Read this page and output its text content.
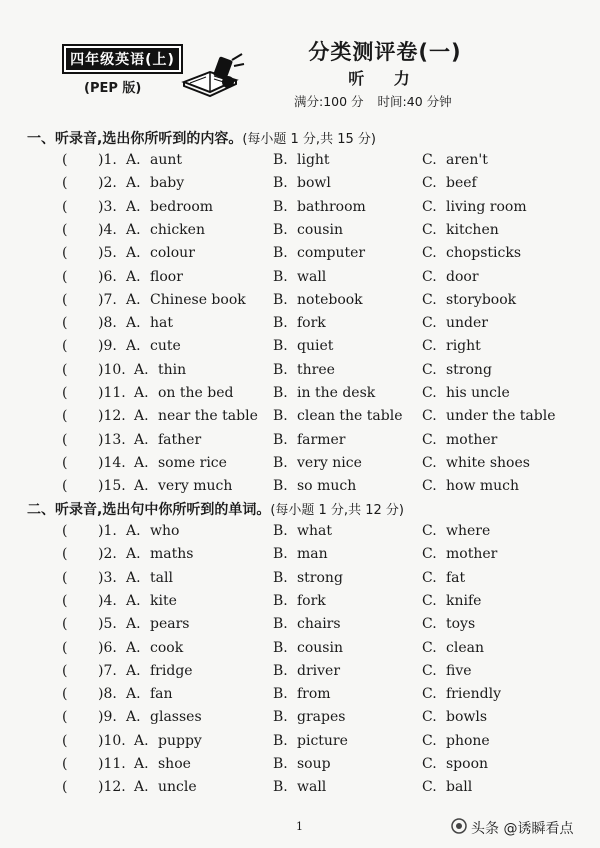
四年级英语(上)
(PEP 版)
分类测评卷(一)
听 力
满分:100 分 时间:40 分钟
一、听录音,选出你所听到的内容。(每小题 1 分,共 15 分)
( )1. A. aunt	B. light	C. aren't
( )2. A. baby	B. bowl	C. beef
( )3. A. bedroom	B. bathroom	C. living room
( )4. A. chicken	B. cousin	C. kitchen
( )5. A. colour	B. computer	C. chopsticks
( )6. A. floor	B. wall	C. door
( )7. A. Chinese book B. notebook	C. storybook
( )8. A. hat	B. fork	C. under
( )9. A. cute	B. quiet	C. right
( )10. A. thin	B. three	C. strong
( )11. A. on the bed	B. in the desk	C. his uncle
( )12. A. near the table B. clean the table C. under the table
( )13. A. father	B. farmer	C. mother
( )14. A. some rice	B. very nice	C. white shoes
( )15. A. very much	B. so much	C. how much
二、听录音,选出句中你所听到的单词。(每小题 1 分,共 12 分)
( )1. A. who	B. what	C. where
( )2. A. maths	B. man	C. mother
( )3. A. tall	B. strong	C. fat
( )4. A. kite	B. fork	C. knife
( )5. A. pears	B. chairs	C. toys
( )6. A. cook	B. cousin	C. clean
( )7. A. fridge	B. driver	C. five
( )8. A. fan	B. from	C. friendly
( )9. A. glasses	B. grapes	C. bowls
( )10. A. puppy	B. picture	C. phone
( )11. A. shoe	B. soup	C. spoon
( )12. A. uncle	B. wall	C. ball
1	头条 @诱瞬看点
